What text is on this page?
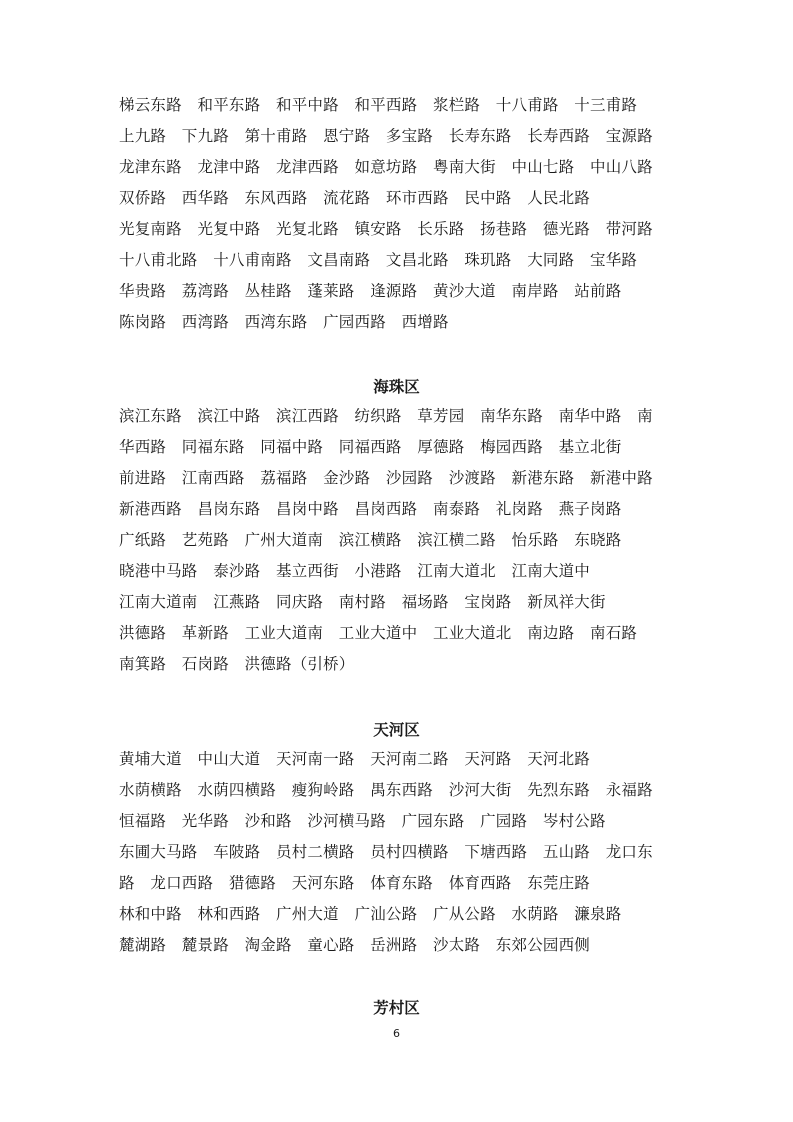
梯云东路　和平东路　和平中路　和平西路　浆栏路　十八甫路　十三甫路
上九路　下九路　第十甫路　恩宁路　多宝路　长寿东路　长寿西路　宝源路
龙津东路　龙津中路　龙津西路　如意坊路　粤南大街　中山七路　中山八路
双侨路　西华路　东风西路　流花路　环市西路　民中路　人民北路
光复南路　光复中路　光复北路　镇安路　长乐路　扬巷路　德光路　带河路
十八甫北路　十八甫南路　文昌南路　文昌北路　珠玑路　大同路　宝华路
华贵路　荔湾路　丛桂路　蓬莱路　逢源路　黄沙大道　南岸路　站前路
陈岗路　西湾路　西湾东路　广园西路　西增路
海珠区
滨江东路　滨江中路　滨江西路　纺织路　草芳园　南华东路　南华中路　南
华西路　同福东路　同福中路　同福西路　厚德路　梅园西路　基立北街
前进路　江南西路　荔福路　金沙路　沙园路　沙渡路　新港东路　新港中路
新港西路　昌岗东路　昌岗中路　昌岗西路　南泰路　礼岗路　燕子岗路
广纸路　艺苑路　广州大道南　滨江横路　滨江横二路　怡乐路　东晓路
晓港中马路　泰沙路　基立西街　小港路　江南大道北　江南大道中
江南大道南　江燕路　同庆路　南村路　福场路　宝岗路　新凤祥大街
洪德路　革新路　工业大道南　工业大道中　工业大道北　南边路　南石路
南箕路　石岗路　洪德路（引桥）
天河区
黄埔大道　中山大道　天河南一路　天河南二路　天河路　天河北路
水荫横路　水荫四横路　瘦狗岭路　禺东西路　沙河大街　先烈东路　永福路
恒福路　光华路　沙和路　沙河横马路　广园东路　广园路　岑村公路
东圃大马路　车陂路　员村二横路　员村四横路　下塘西路　五山路　龙口东
路　龙口西路　猎德路　天河东路　体育东路　体育西路　东莞庄路
林和中路　林和西路　广州大道　广汕公路　广从公路　水荫路　濂泉路
麓湖路　麓景路　淘金路　童心路　岳洲路　沙太路　东郊公园西侧
芳村区
6
